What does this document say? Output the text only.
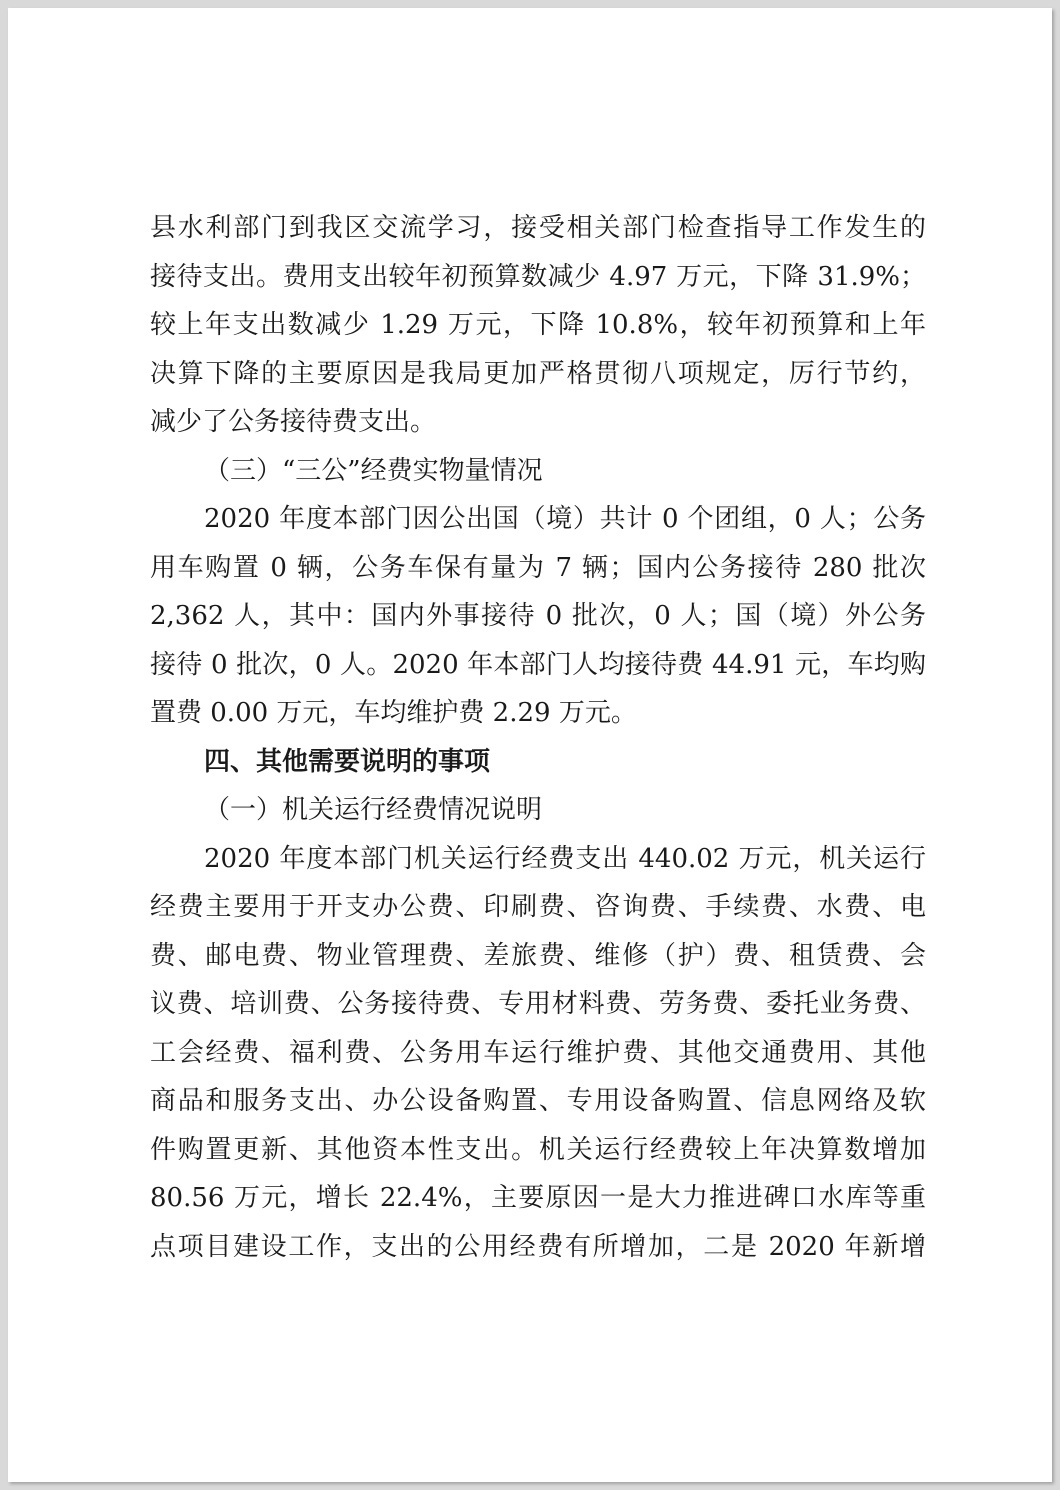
县水利部门到我区交流学习，接受相关部门检查指导工作发生的
接待支出。费用支出较年初预算数减少 4.97 万元，下降 31.9%；
较上年支出数减少 1.29 万元，下降 10.8%，较年初预算和上年
决算下降的主要原因是我局更加严格贯彻八项规定，厉行节约，
减少了公务接待费支出。
（三）“三公”经费实物量情况
2020 年度本部门因公出国（境）共计 0 个团组，0 人；公务
用车购置 0 辆，公务车保有量为 7 辆；国内公务接待 280 批次
2,362 人，其中：国内外事接待 0 批次，0 人；国（境）外公务
接待 0 批次，0 人。2020 年本部门人均接待费 44.91 元，车均购
置费 0.00 万元，车均维护费 2.29 万元。
四、其他需要说明的事项
（一）机关运行经费情况说明
2020 年度本部门机关运行经费支出 440.02 万元，机关运行
经费主要用于开支办公费、印刷费、咨询费、手续费、水费、电
费、邮电费、物业管理费、差旅费、维修（护）费、租赁费、会
议费、培训费、公务接待费、专用材料费、劳务费、委托业务费、
工会经费、福利费、公务用车运行维护费、其他交通费用、其他
商品和服务支出、办公设备购置、专用设备购置、信息网络及软
件购置更新、其他资本性支出。机关运行经费较上年决算数增加
80.56 万元，增长 22.4%，主要原因一是大力推进碑口水库等重
点项目建设工作，支出的公用经费有所增加，二是 2020 年新增
